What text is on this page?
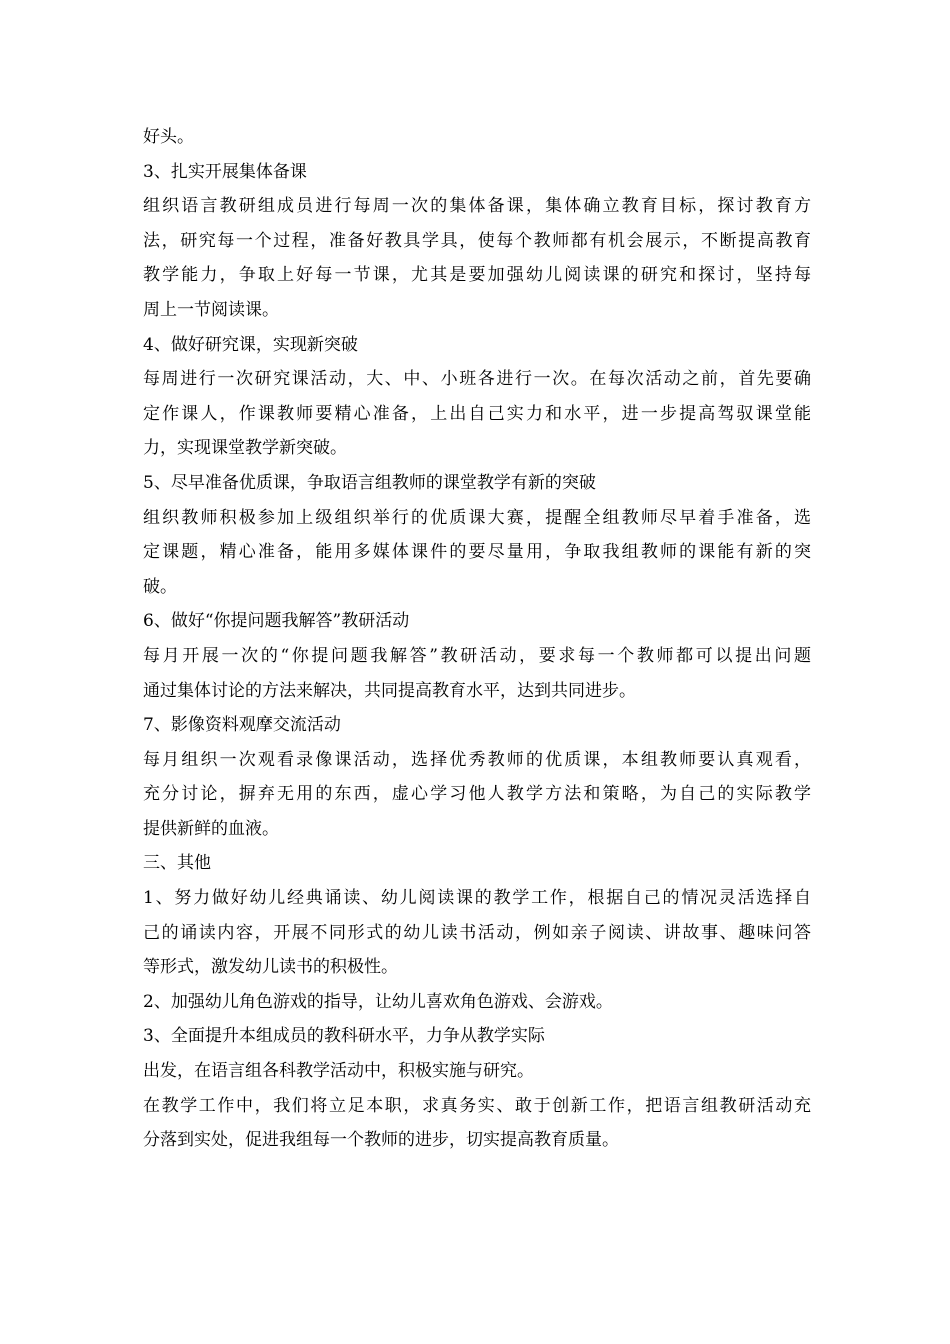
好头。
3、扎实开展集体备课
组织语言教研组成员进行每周一次的集体备课，集体确立教育目标，探讨教育方
法，研究每一个过程，准备好教具学具，使每个教师都有机会展示，不断提高教育
教学能力，争取上好每一节课，尤其是要加强幼儿阅读课的研究和探讨，坚持每
周上一节阅读课。
4、做好研究课，实现新突破
每周进行一次研究课活动，大、中、小班各进行一次。在每次活动之前，首先要确
定作课人，作课教师要精心准备，上出自己实力和水平，进一步提高驾驭课堂能
力，实现课堂教学新突破。
5、尽早准备优质课，争取语言组教师的课堂教学有新的突破
组织教师积极参加上级组织举行的优质课大赛，提醒全组教师尽早着手准备，选
定课题，精心准备，能用多媒体课件的要尽量用，争取我组教师的课能有新的突
破。
6、做好“你提问题我解答”教研活动
每月开展一次的“你提问题我解答”教研活动，要求每一个教师都可以提出问题
通过集体讨论的方法来解决，共同提高教育水平，达到共同进步。
7、影像资料观摩交流活动
每月组织一次观看录像课活动，选择优秀教师的优质课，本组教师要认真观看，
充分讨论，摒弃无用的东西，虚心学习他人教学方法和策略，为自己的实际教学
提供新鲜的血液。
三、其他
1、努力做好幼儿经典诵读、幼儿阅读课的教学工作，根据自己的情况灵活选择自
己的诵读内容，开展不同形式的幼儿读书活动，例如亲子阅读、讲故事、趣味问答
等形式，激发幼儿读书的积极性。
2、加强幼儿角色游戏的指导，让幼儿喜欢角色游戏、会游戏。
3、全面提升本组成员的教科研水平，力争从教学实际
出发，在语言组各科教学活动中，积极实施与研究。
在教学工作中，我们将立足本职，求真务实、敢于创新工作，把语言组教研活动充
分落到实处，促进我组每一个教师的进步，切实提高教育质量。
